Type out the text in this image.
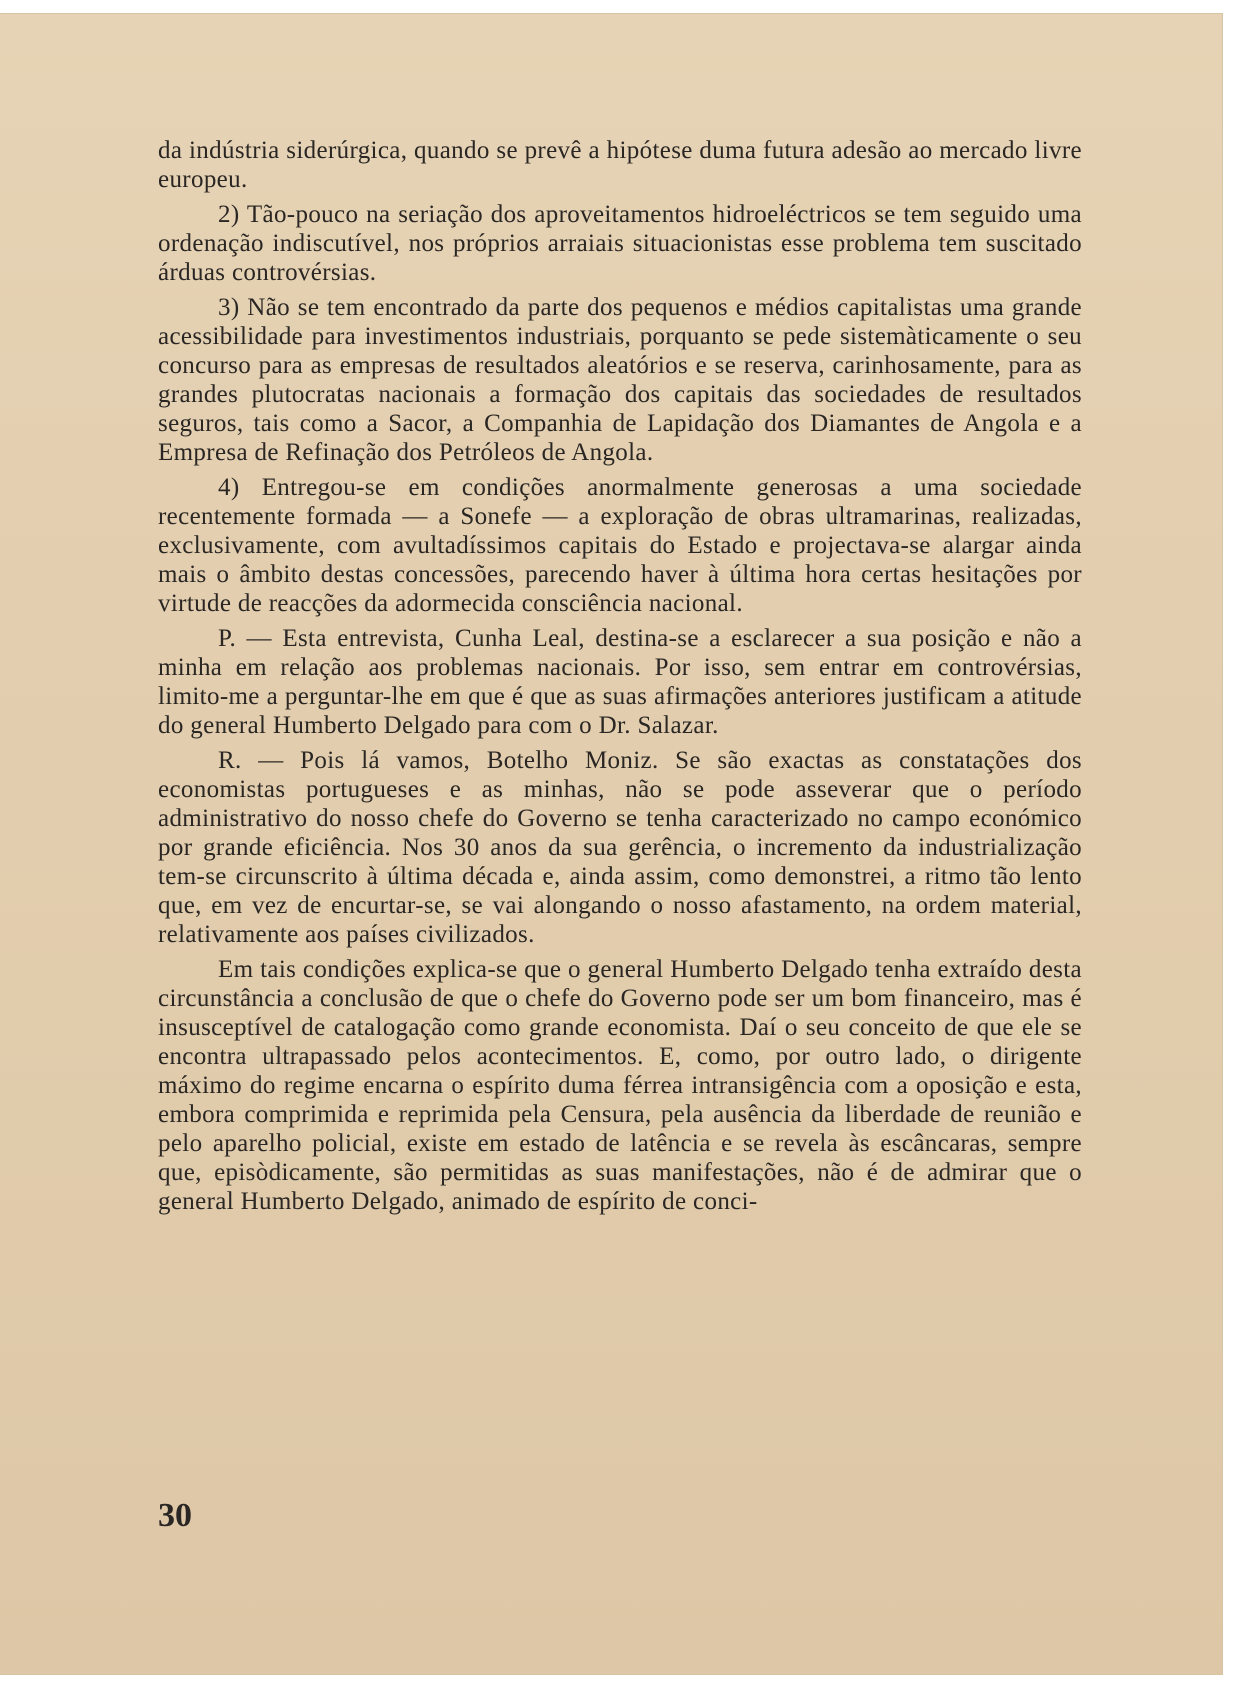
da indústria siderúrgica, quando se prevê a hipótese duma futura adesão ao mercado livre europeu.

2) Tão-pouco na seriação dos aproveitamentos hidroeléctricos se tem seguido uma ordenação indiscutível, nos próprios arraiais situacionistas esse problema tem suscitado árduas controvérsias.

3) Não se tem encontrado da parte dos pequenos e médios capitalistas uma grande acessibilidade para investimentos industriais, porquanto se pede sistemàticamente o seu concurso para as empresas de resultados aleatórios e se reserva, carinhosamente, para as grandes plutocratas nacionais a formação dos capitais das sociedades de resultados seguros, tais como a Sacor, a Companhia de Lapidação dos Diamantes de Angola e a Empresa de Refinação dos Petróleos de Angola.

4) Entregou-se em condições anormalmente generosas a uma sociedade recentemente formada — a Sonefe — a exploração de obras ultramarinas, realizadas, exclusivamente, com avultadíssimos capitais do Estado e projectava-se alargar ainda mais o âmbito destas concessões, parecendo haver à última hora certas hesitações por virtude de reacções da adormecida consciência nacional.

P. — Esta entrevista, Cunha Leal, destina-se a esclarecer a sua posição e não a minha em relação aos problemas nacionais. Por isso, sem entrar em controvérsias, limito-me a perguntar-lhe em que é que as suas afirmações anteriores justificam a atitude do general Humberto Delgado para com o Dr. Salazar.

R. — Pois lá vamos, Botelho Moniz. Se são exactas as constatações dos economistas portugueses e as minhas, não se pode asseverar que o período administrativo do nosso chefe do Governo se tenha caracterizado no campo económico por grande eficiência. Nos 30 anos da sua gerência, o incremento da industrialização tem-se circunscrito à última década e, ainda assim, como demonstrei, a ritmo tão lento que, em vez de encurtar-se, se vai alongando o nosso afastamento, na ordem material, relativamente aos países civilizados.

Em tais condições explica-se que o general Humberto Delgado tenha extraído desta circunstância a conclusão de que o chefe do Governo pode ser um bom financeiro, mas é insusceptível de catalogação como grande economista. Daí o seu conceito de que ele se encontra ultrapassado pelos acontecimentos. E, como, por outro lado, o dirigente máximo do regime encarna o espírito duma férrea intransigência com a oposição e esta, embora comprimida e reprimida pela Censura, pela ausência da liberdade de reunião e pelo aparelho policial, existe em estado de latência e se revela às escâncaras, sempre que, episòdicamente, são permitidas as suas manifestações, não é de admirar que o general Humberto Delgado, animado de espírito de conci-

30
